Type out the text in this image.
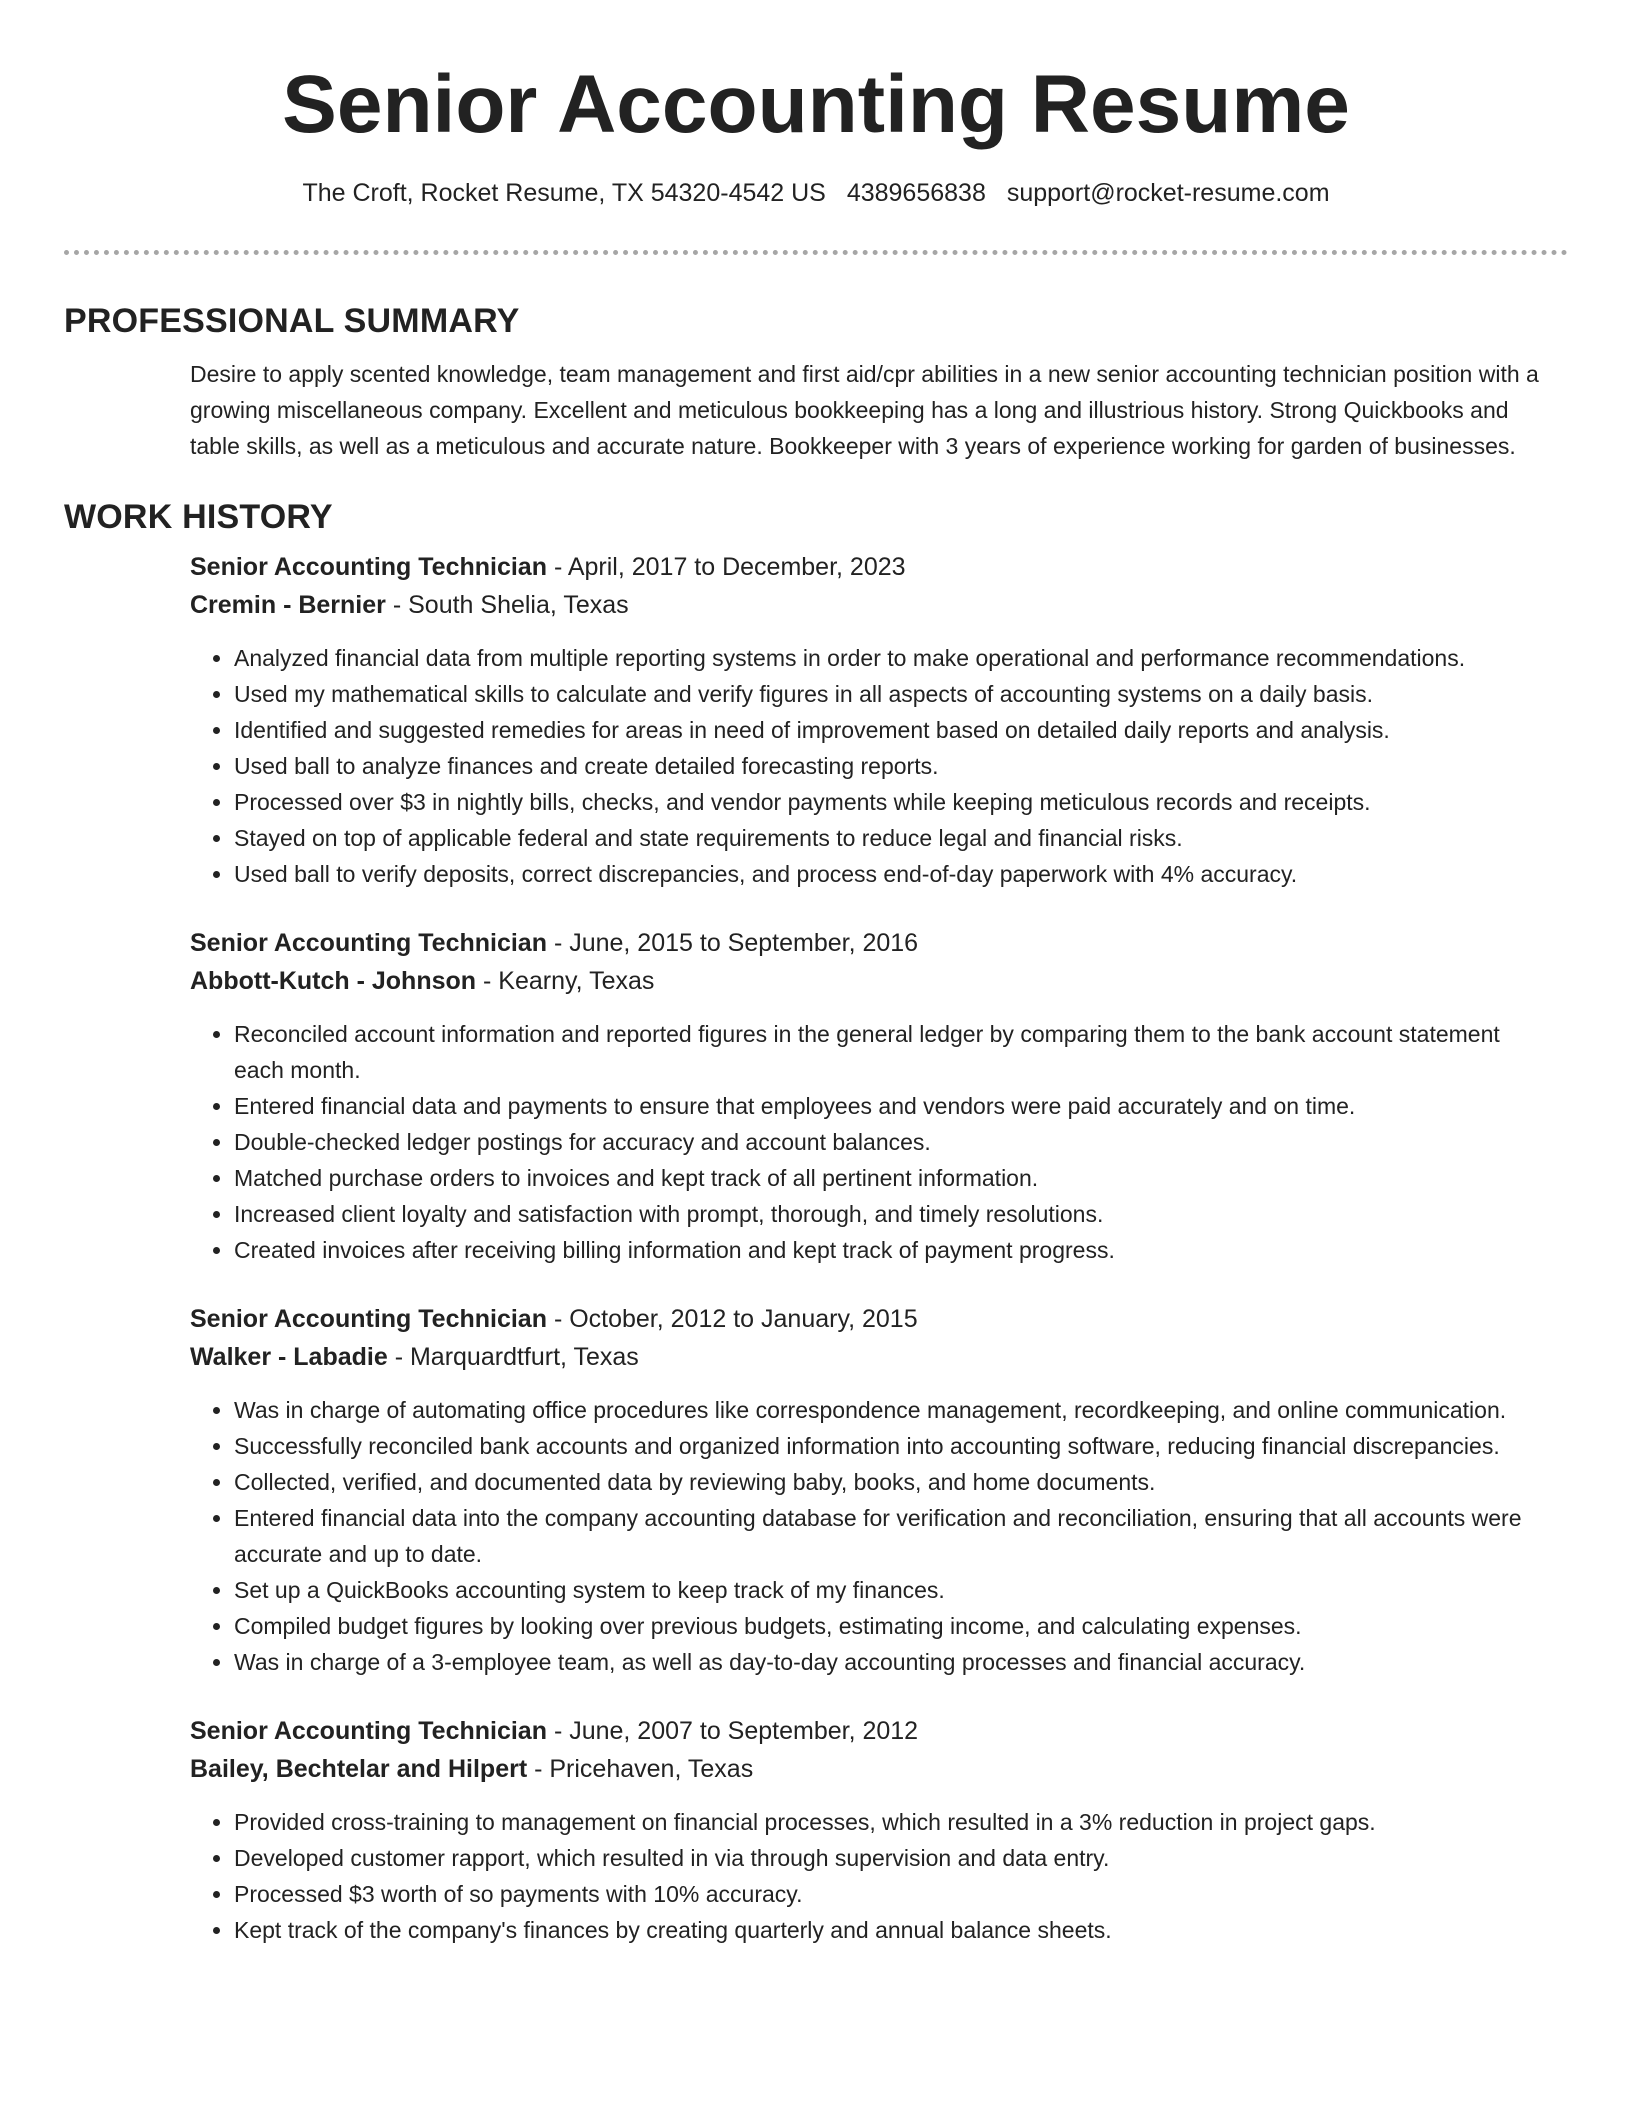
Senior Accounting Resume
The Croft, Rocket Resume, TX 54320-4542 US 4389656838 support@rocket-resume.com
PROFESSIONAL SUMMARY
Desire to apply scented knowledge, team management and first aid/cpr abilities in a new senior accounting technician position with a growing miscellaneous company. Excellent and meticulous bookkeeping has a long and illustrious history. Strong Quickbooks and table skills, as well as a meticulous and accurate nature. Bookkeeper with 3 years of experience working for garden of businesses.
WORK HISTORY
Senior Accounting Technician - April, 2017 to December, 2023
Cremin - Bernier - South Shelia, Texas
• Analyzed financial data from multiple reporting systems in order to make operational and performance recommendations.
• Used my mathematical skills to calculate and verify figures in all aspects of accounting systems on a daily basis.
• Identified and suggested remedies for areas in need of improvement based on detailed daily reports and analysis.
• Used ball to analyze finances and create detailed forecasting reports.
• Processed over $3 in nightly bills, checks, and vendor payments while keeping meticulous records and receipts.
• Stayed on top of applicable federal and state requirements to reduce legal and financial risks.
• Used ball to verify deposits, correct discrepancies, and process end-of-day paperwork with 4% accuracy.
Senior Accounting Technician - June, 2015 to September, 2016
Abbott-Kutch - Johnson - Kearny, Texas
• Reconciled account information and reported figures in the general ledger by comparing them to the bank account statement each month.
• Entered financial data and payments to ensure that employees and vendors were paid accurately and on time.
• Double-checked ledger postings for accuracy and account balances.
• Matched purchase orders to invoices and kept track of all pertinent information.
• Increased client loyalty and satisfaction with prompt, thorough, and timely resolutions.
• Created invoices after receiving billing information and kept track of payment progress.
Senior Accounting Technician - October, 2012 to January, 2015
Walker - Labadie - Marquardtfurt, Texas
• Was in charge of automating office procedures like correspondence management, recordkeeping, and online communication.
• Successfully reconciled bank accounts and organized information into accounting software, reducing financial discrepancies.
• Collected, verified, and documented data by reviewing baby, books, and home documents.
• Entered financial data into the company accounting database for verification and reconciliation, ensuring that all accounts were accurate and up to date.
• Set up a QuickBooks accounting system to keep track of my finances.
• Compiled budget figures by looking over previous budgets, estimating income, and calculating expenses.
• Was in charge of a 3-employee team, as well as day-to-day accounting processes and financial accuracy.
Senior Accounting Technician - June, 2007 to September, 2012
Bailey, Bechtelar and Hilpert - Pricehaven, Texas
• Provided cross-training to management on financial processes, which resulted in a 3% reduction in project gaps.
• Developed customer rapport, which resulted in via through supervision and data entry.
• Processed $3 worth of so payments with 10% accuracy.
• Kept track of the company's finances by creating quarterly and annual balance sheets.
